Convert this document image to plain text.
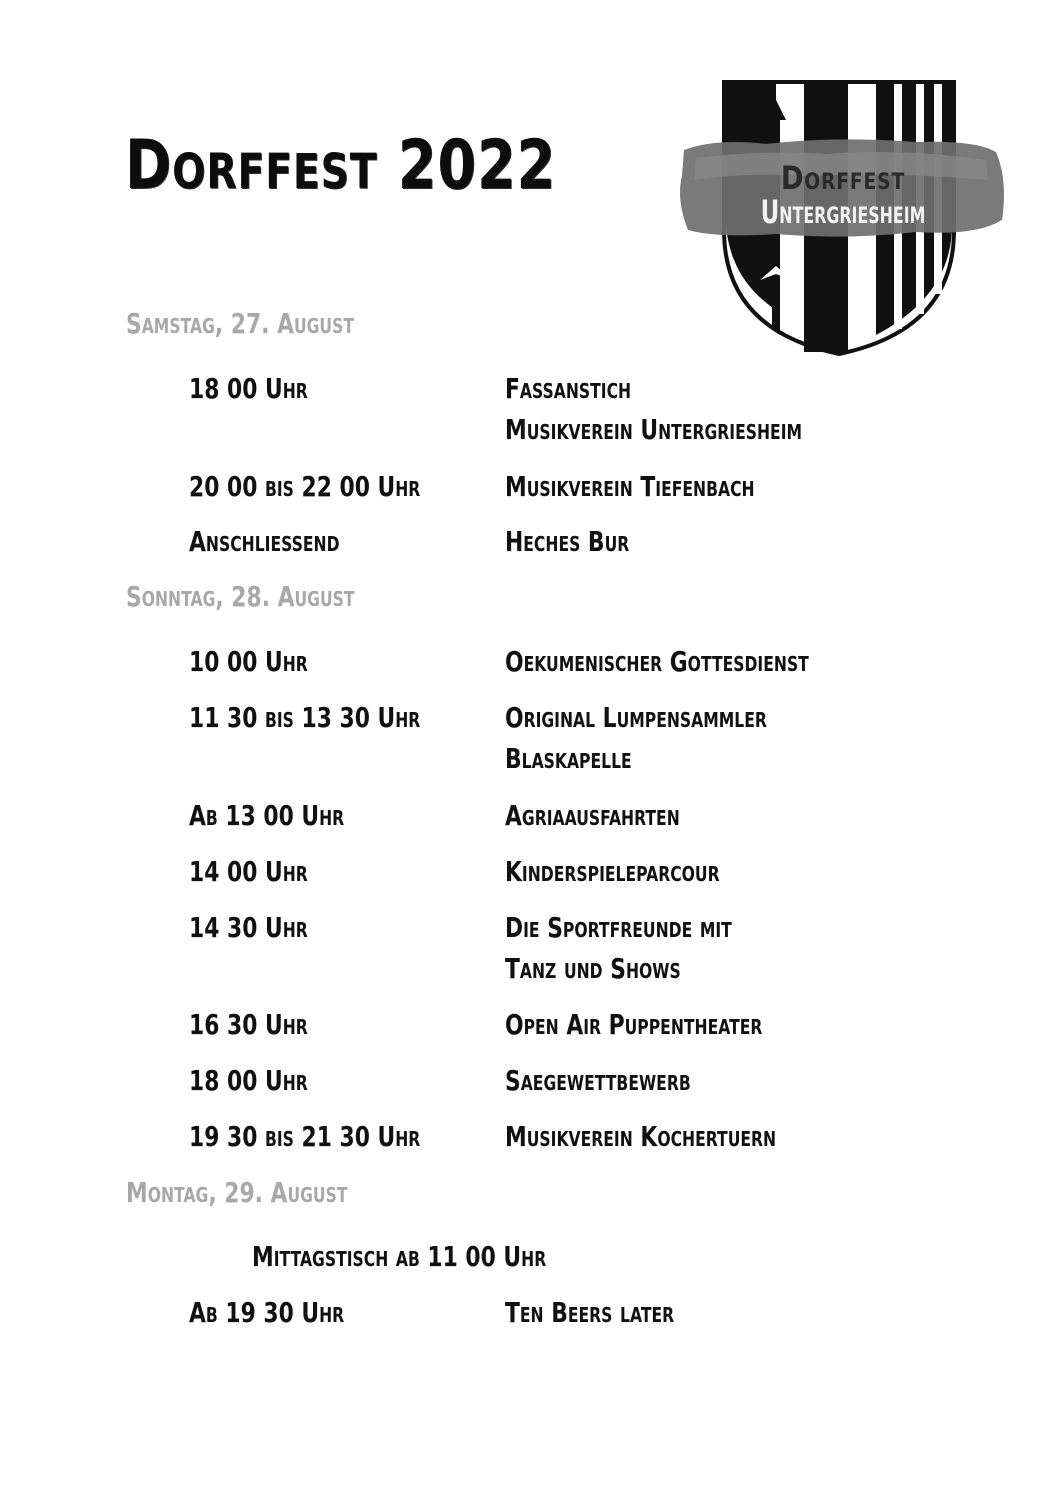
Dorffest 2022	Dorffest
Untergriesheim
Samstag, 27. August
18 00 Uhr	Fassanstich
Musikverein Untergriesheim
20 00 bis 22 00 Uhr	Musikverein Tiefenbach
Anschliessend	Heches Bur
Sonntag, 28. August
10 00 Uhr	Oekumenischer Gottesdienst
11 30 bis 13 30 Uhr	Original Lumpensammler
Blaskapelle
Ab 13 00 Uhr	Agriaausfahrten
14 00 Uhr	Kinderspieleparcour
14 30 Uhr	Die Sportfreunde mit
Tanz und Shows
16 30 Uhr	Open Air Puppentheater
18 00 Uhr	Saegewettbewerb
19 30 bis 21 30 Uhr	Musikverein Kochertuern
Montag, 29. August
Mittagstisch ab 11 00 Uhr
Ab 19 30 Uhr	Ten Beers later
